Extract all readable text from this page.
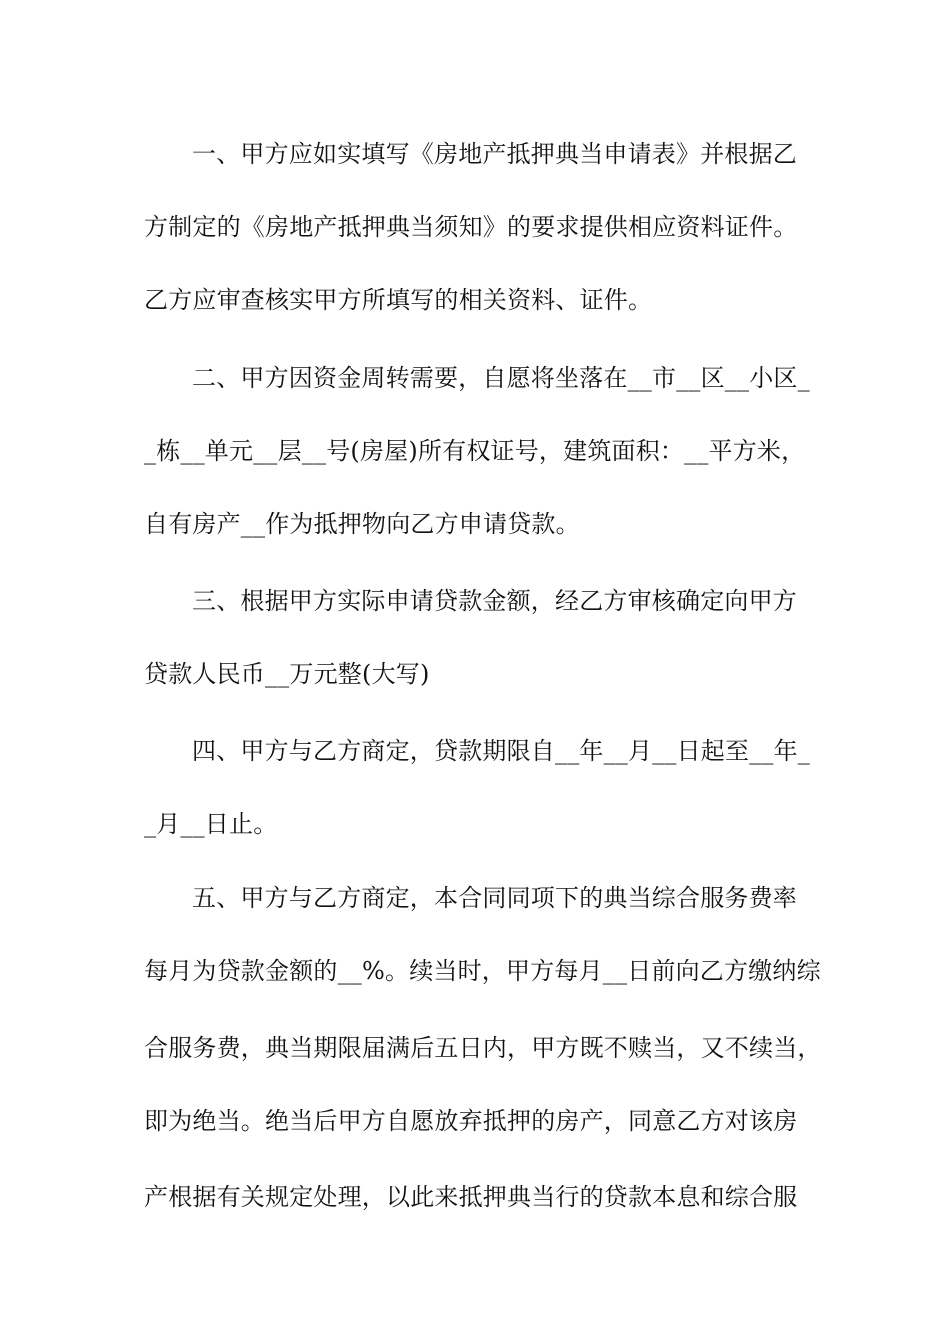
一、甲方应如实填写《房地产抵押典当申请表》并根据乙
方制定的《房地产抵押典当须知》的要求提供相应资料证件。
乙方应审查核实甲方所填写的相关资料、证件。
二、甲方因资金周转需要，自愿将坐落在__市__区__小区_
_栋__单元__层__号(房屋)所有权证号，建筑面积：__平方米，
自有房产__作为抵押物向乙方申请贷款。
三、根据甲方实际申请贷款金额，经乙方审核确定向甲方
贷款人民币__万元整(大写)
四、甲方与乙方商定，贷款期限自__年__月__日起至__年_
_月__日止。
五、甲方与乙方商定，本合同同项下的典当综合服务费率
每月为贷款金额的__%。续当时，甲方每月__日前向乙方缴纳综
合服务费，典当期限届满后五日内，甲方既不赎当，又不续当，
即为绝当。绝当后甲方自愿放弃抵押的房产，同意乙方对该房
产根据有关规定处理，以此来抵押典当行的贷款本息和综合服
